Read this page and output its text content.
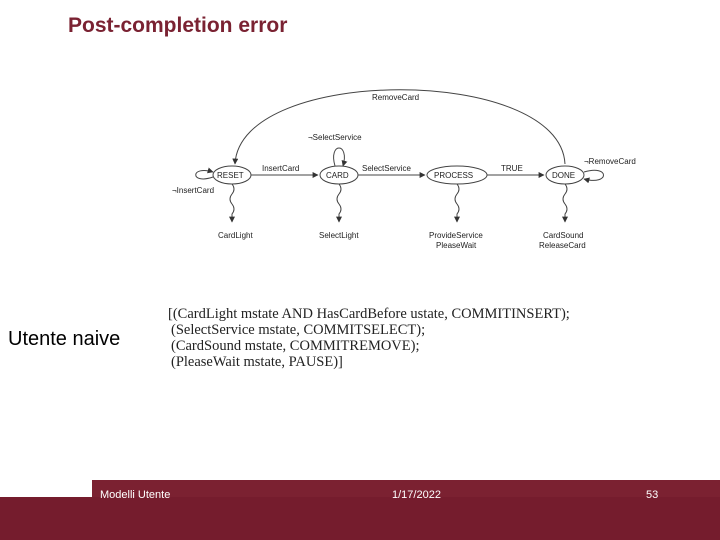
Post-completion error
RemoveCard
RESET	CARD	PROCESS	DONE
InsertCard	SelectService	TRUE
¬SelectService
¬InsertCard
¬RemoveCard
CardLight	SelectLight	ProvideService
PleaseWait
CardSound
ReleaseCard
Utente naive
[(CardLight mstate AND HasCardBefore ustate, COMMITINSERT);
(SelectService mstate, COMMITSELECT);
(CardSound mstate, COMMITREMOVE);
(PleaseWait mstate, PAUSE)]
Modelli Utente	1/17/2022	53
